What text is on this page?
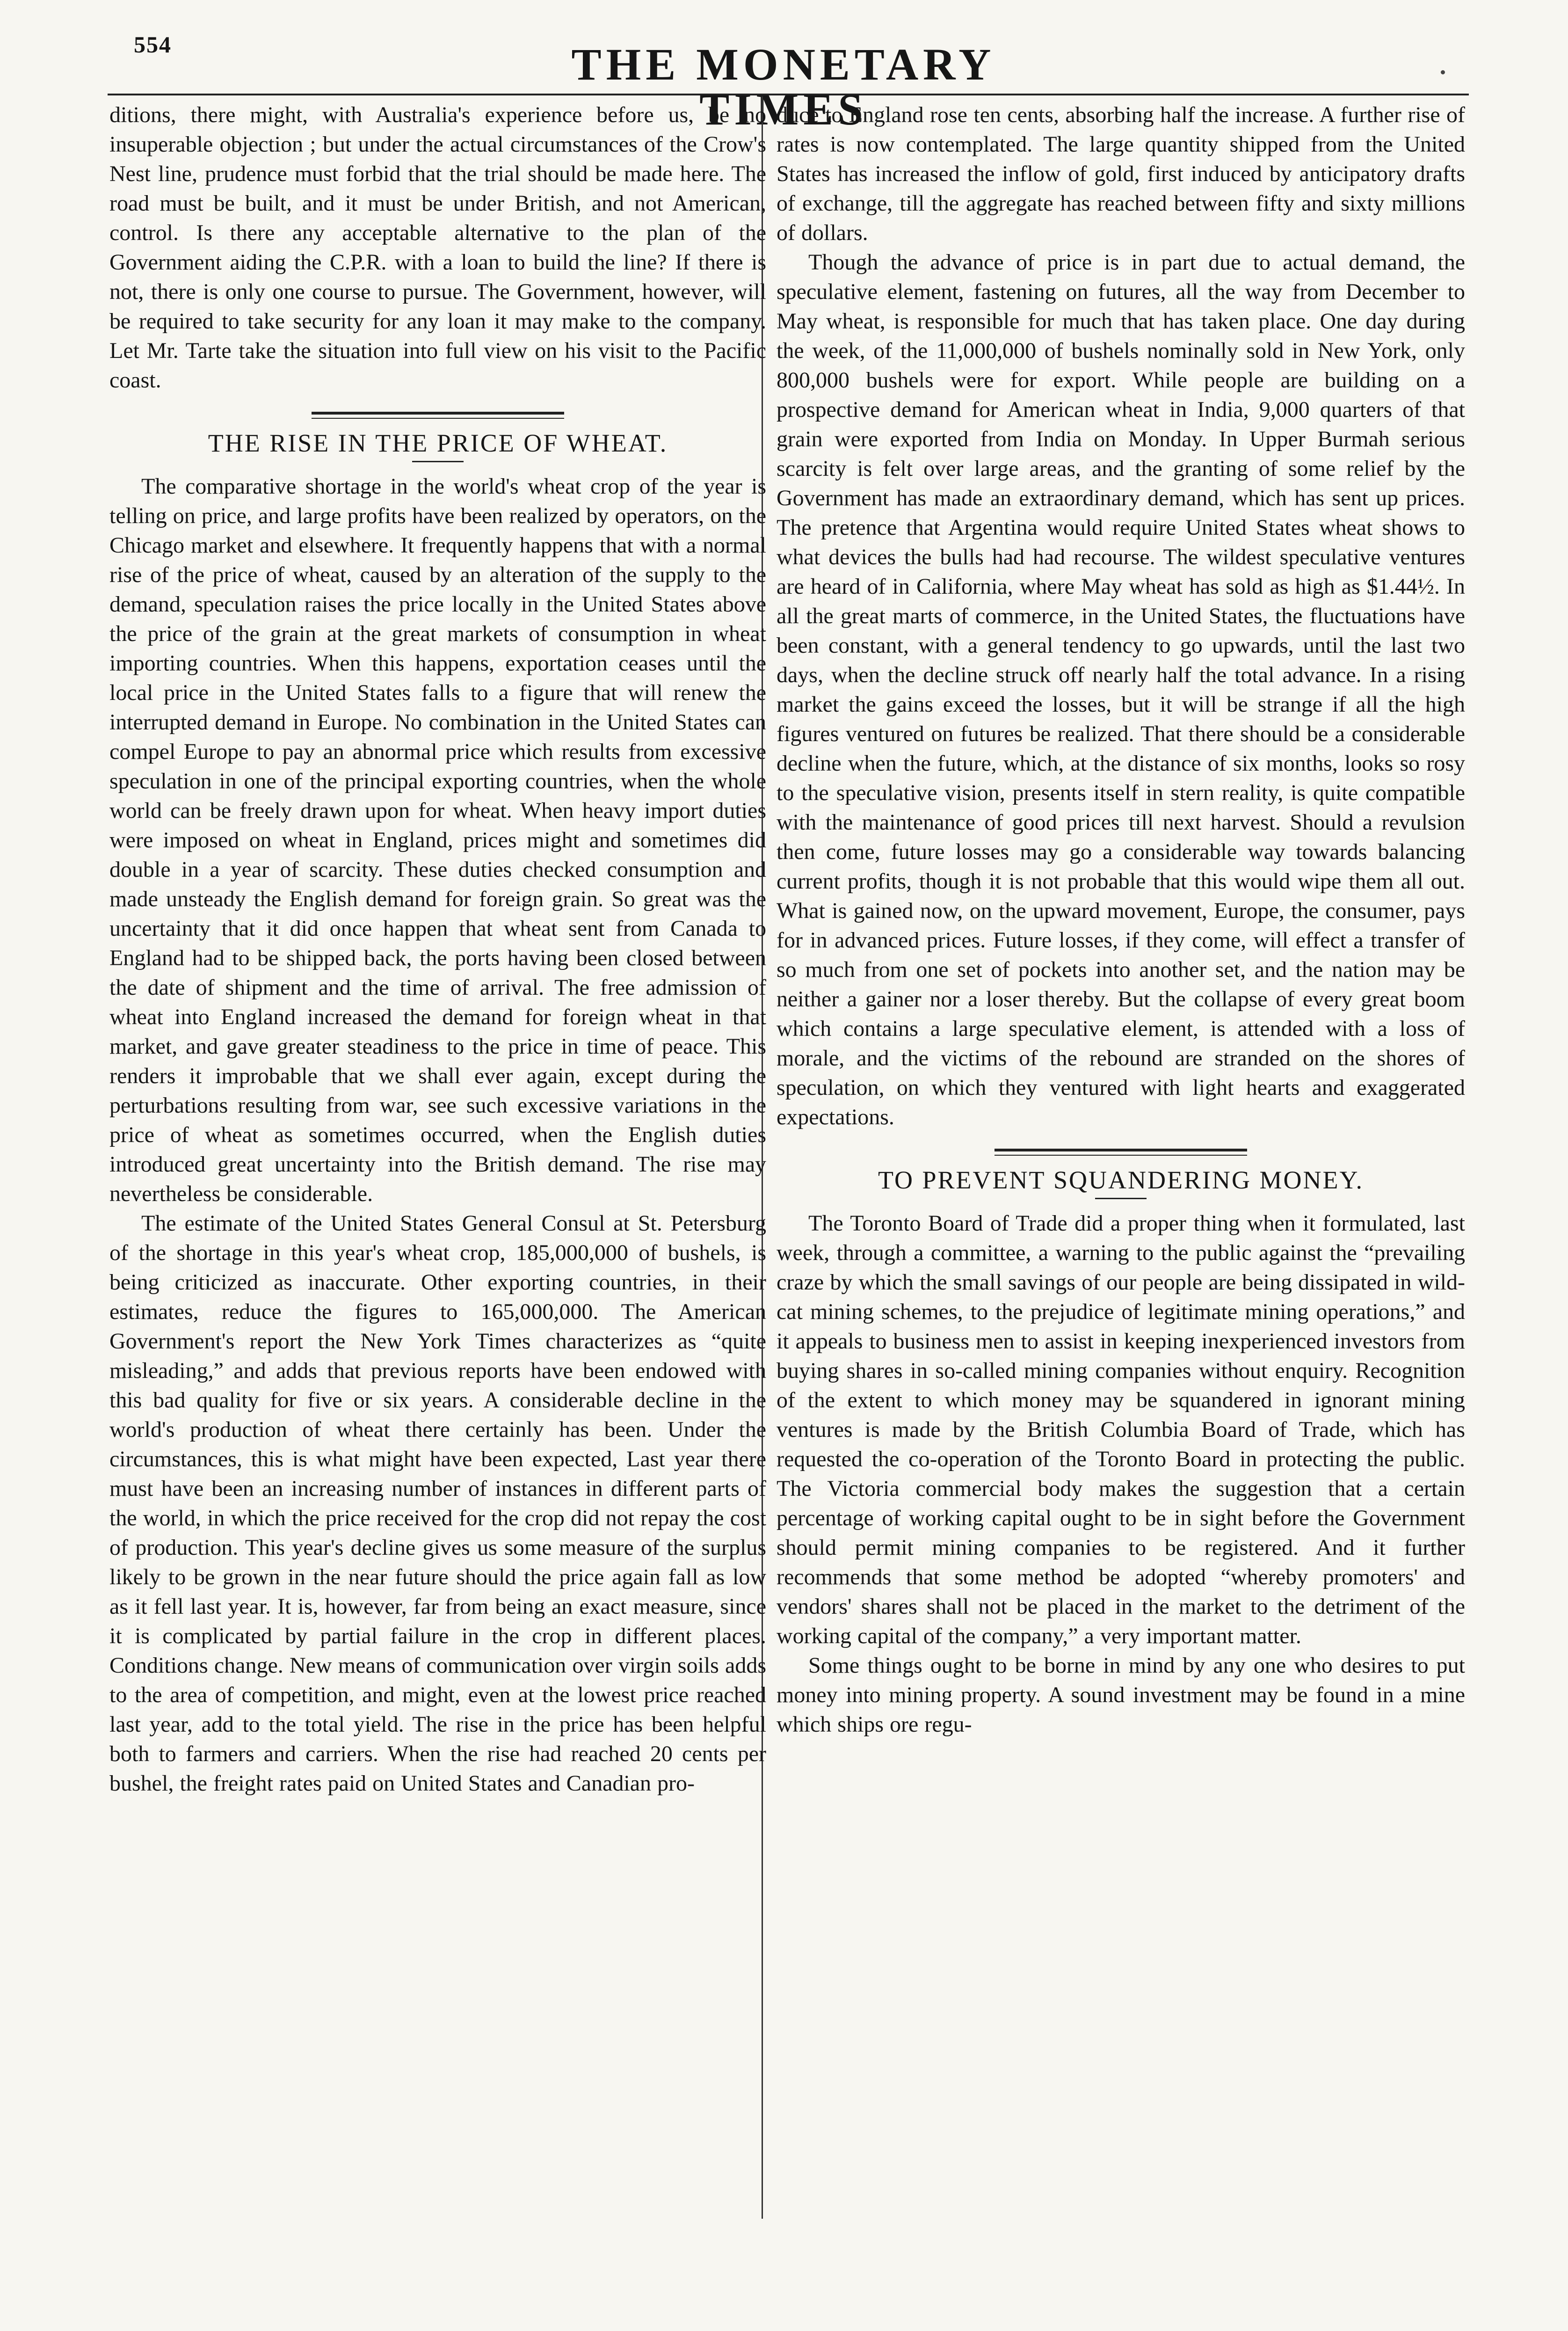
554	THE MONETARY TIMES

ditions, there might, with Australia's experience before us, be no insuperable objection ; but under the actual circumstances of the Crow's Nest line, prudence must forbid that the trial should be made here. The road must be built, and it must be under British, and not American, control. Is there any acceptable alternative to the plan of the Government aiding the C.P.R. with a loan to build the line? If there is not, there is only one course to pursue. The Government, however, will be required to take security for any loan it may make to the company. Let Mr. Tarte take the situation into full view on his visit to the Pacific coast.

THE RISE IN THE PRICE OF WHEAT.

The comparative shortage in the world's wheat crop of the year is telling on price, and large profits have been realized by operators, on the Chicago market and elsewhere. It frequently happens that with a normal rise of the price of wheat, caused by an alteration of the supply to the demand, speculation raises the price locally in the United States above the price of the grain at the great markets of consumption in wheat importing countries. When this happens, exportation ceases until the local price in the United States falls to a figure that will renew the interrupted demand in Europe. No combination in the United States can compel Europe to pay an abnormal price which results from excessive speculation in one of the principal exporting countries, when the whole world can be freely drawn upon for wheat. When heavy import duties were imposed on wheat in England, prices might and sometimes did double in a year of scarcity. These duties checked consumption and made unsteady the English demand for foreign grain. So great was the uncertainty that it did once happen that wheat sent from Canada to England had to be shipped back, the ports having been closed between the date of shipment and the time of arrival. The free admission of wheat into England increased the demand for foreign wheat in that market, and gave greater steadiness to the price in time of peace. This renders it improbable that we shall ever again, except during the perturbations resulting from war, see such excessive variations in the price of wheat as sometimes occurred, when the English duties introduced great uncertainty into the British demand. The rise may nevertheless be considerable.

The estimate of the United States General Consul at St. Petersburg of the shortage in this year's wheat crop, 185,000,000 of bushels, is being criticized as inaccurate. Other exporting countries, in their estimates, reduce the figures to 165,000,000. The American Government's report the New York Times characterizes as “quite misleading,” and adds that previous reports have been endowed with this bad quality for five or six years. A considerable decline in the world's production of wheat there certainly has been. Under the circumstances, this is what might have been expected, Last year there must have been an increasing number of instances in different parts of the world, in which the price received for the crop did not repay the cost of production. This year's decline gives us some measure of the surplus likely to be grown in the near future should the price again fall as low as it fell last year. It is, however, far from being an exact measure, since it is complicated by partial failure in the crop in different places. Conditions change. New means of communication over virgin soils adds to the area of competition, and might, even at the lowest price reached last year, add to the total yield. The rise in the price has been helpful both to farmers and carriers. When the rise had reached 20 cents per bushel, the freight rates paid on United States and Canadian pro-

duce to England rose ten cents, absorbing half the increase. A further rise of rates is now contemplated. The large quantity shipped from the United States has increased the inflow of gold, first induced by anticipatory drafts of exchange, till the aggregate has reached between fifty and sixty millions of dollars.

Though the advance of price is in part due to actual demand, the speculative element, fastening on futures, all the way from December to May wheat, is responsible for much that has taken place. One day during the week, of the 11,000,000 of bushels nominally sold in New York, only 800,000 bushels were for export. While people are building on a prospective demand for American wheat in India, 9,000 quarters of that grain were exported from India on Monday. In Upper Burmah serious scarcity is felt over large areas, and the granting of some relief by the Government has made an extraordinary demand, which has sent up prices. The pretence that Argentina would require United States wheat shows to what devices the bulls had had recourse. The wildest speculative ventures are heard of in California, where May wheat has sold as high as $1.44½. In all the great marts of commerce, in the United States, the fluctuations have been constant, with a general tendency to go upwards, until the last two days, when the decline struck off nearly half the total advance. In a rising market the gains exceed the losses, but it will be strange if all the high figures ventured on futures be realized. That there should be a considerable decline when the future, which, at the distance of six months, looks so rosy to the speculative vision, presents itself in stern reality, is quite compatible with the maintenance of good prices till next harvest. Should a revulsion then come, future losses may go a considerable way towards balancing current profits, though it is not probable that this would wipe them all out. What is gained now, on the upward movement, Europe, the consumer, pays for in advanced prices. Future losses, if they come, will effect a transfer of so much from one set of pockets into another set, and the nation may be neither a gainer nor a loser thereby. But the collapse of every great boom which contains a large speculative element, is attended with a loss of morale, and the victims of the rebound are stranded on the shores of speculation, on which they ventured with light hearts and exaggerated expectations.

TO PREVENT SQUANDERING MONEY.

The Toronto Board of Trade did a proper thing when it formulated, last week, through a committee, a warning to the public against the “prevailing craze by which the small savings of our people are being dissipated in wild-cat mining schemes, to the prejudice of legitimate mining operations,” and it appeals to business men to assist in keeping inexperienced investors from buying shares in so-called mining companies without enquiry. Recognition of the extent to which money may be squandered in ignorant mining ventures is made by the British Columbia Board of Trade, which has requested the co-operation of the Toronto Board in protecting the public. The Victoria commercial body makes the suggestion that a certain percentage of working capital ought to be in sight before the Government should permit mining companies to be registered. And it further recommends that some method be adopted “whereby promoters' and vendors' shares shall not be placed in the market to the detriment of the working capital of the company,” a very important matter.

Some things ought to be borne in mind by any one who desires to put money into mining property. A sound investment may be found in a mine which ships ore regu-
